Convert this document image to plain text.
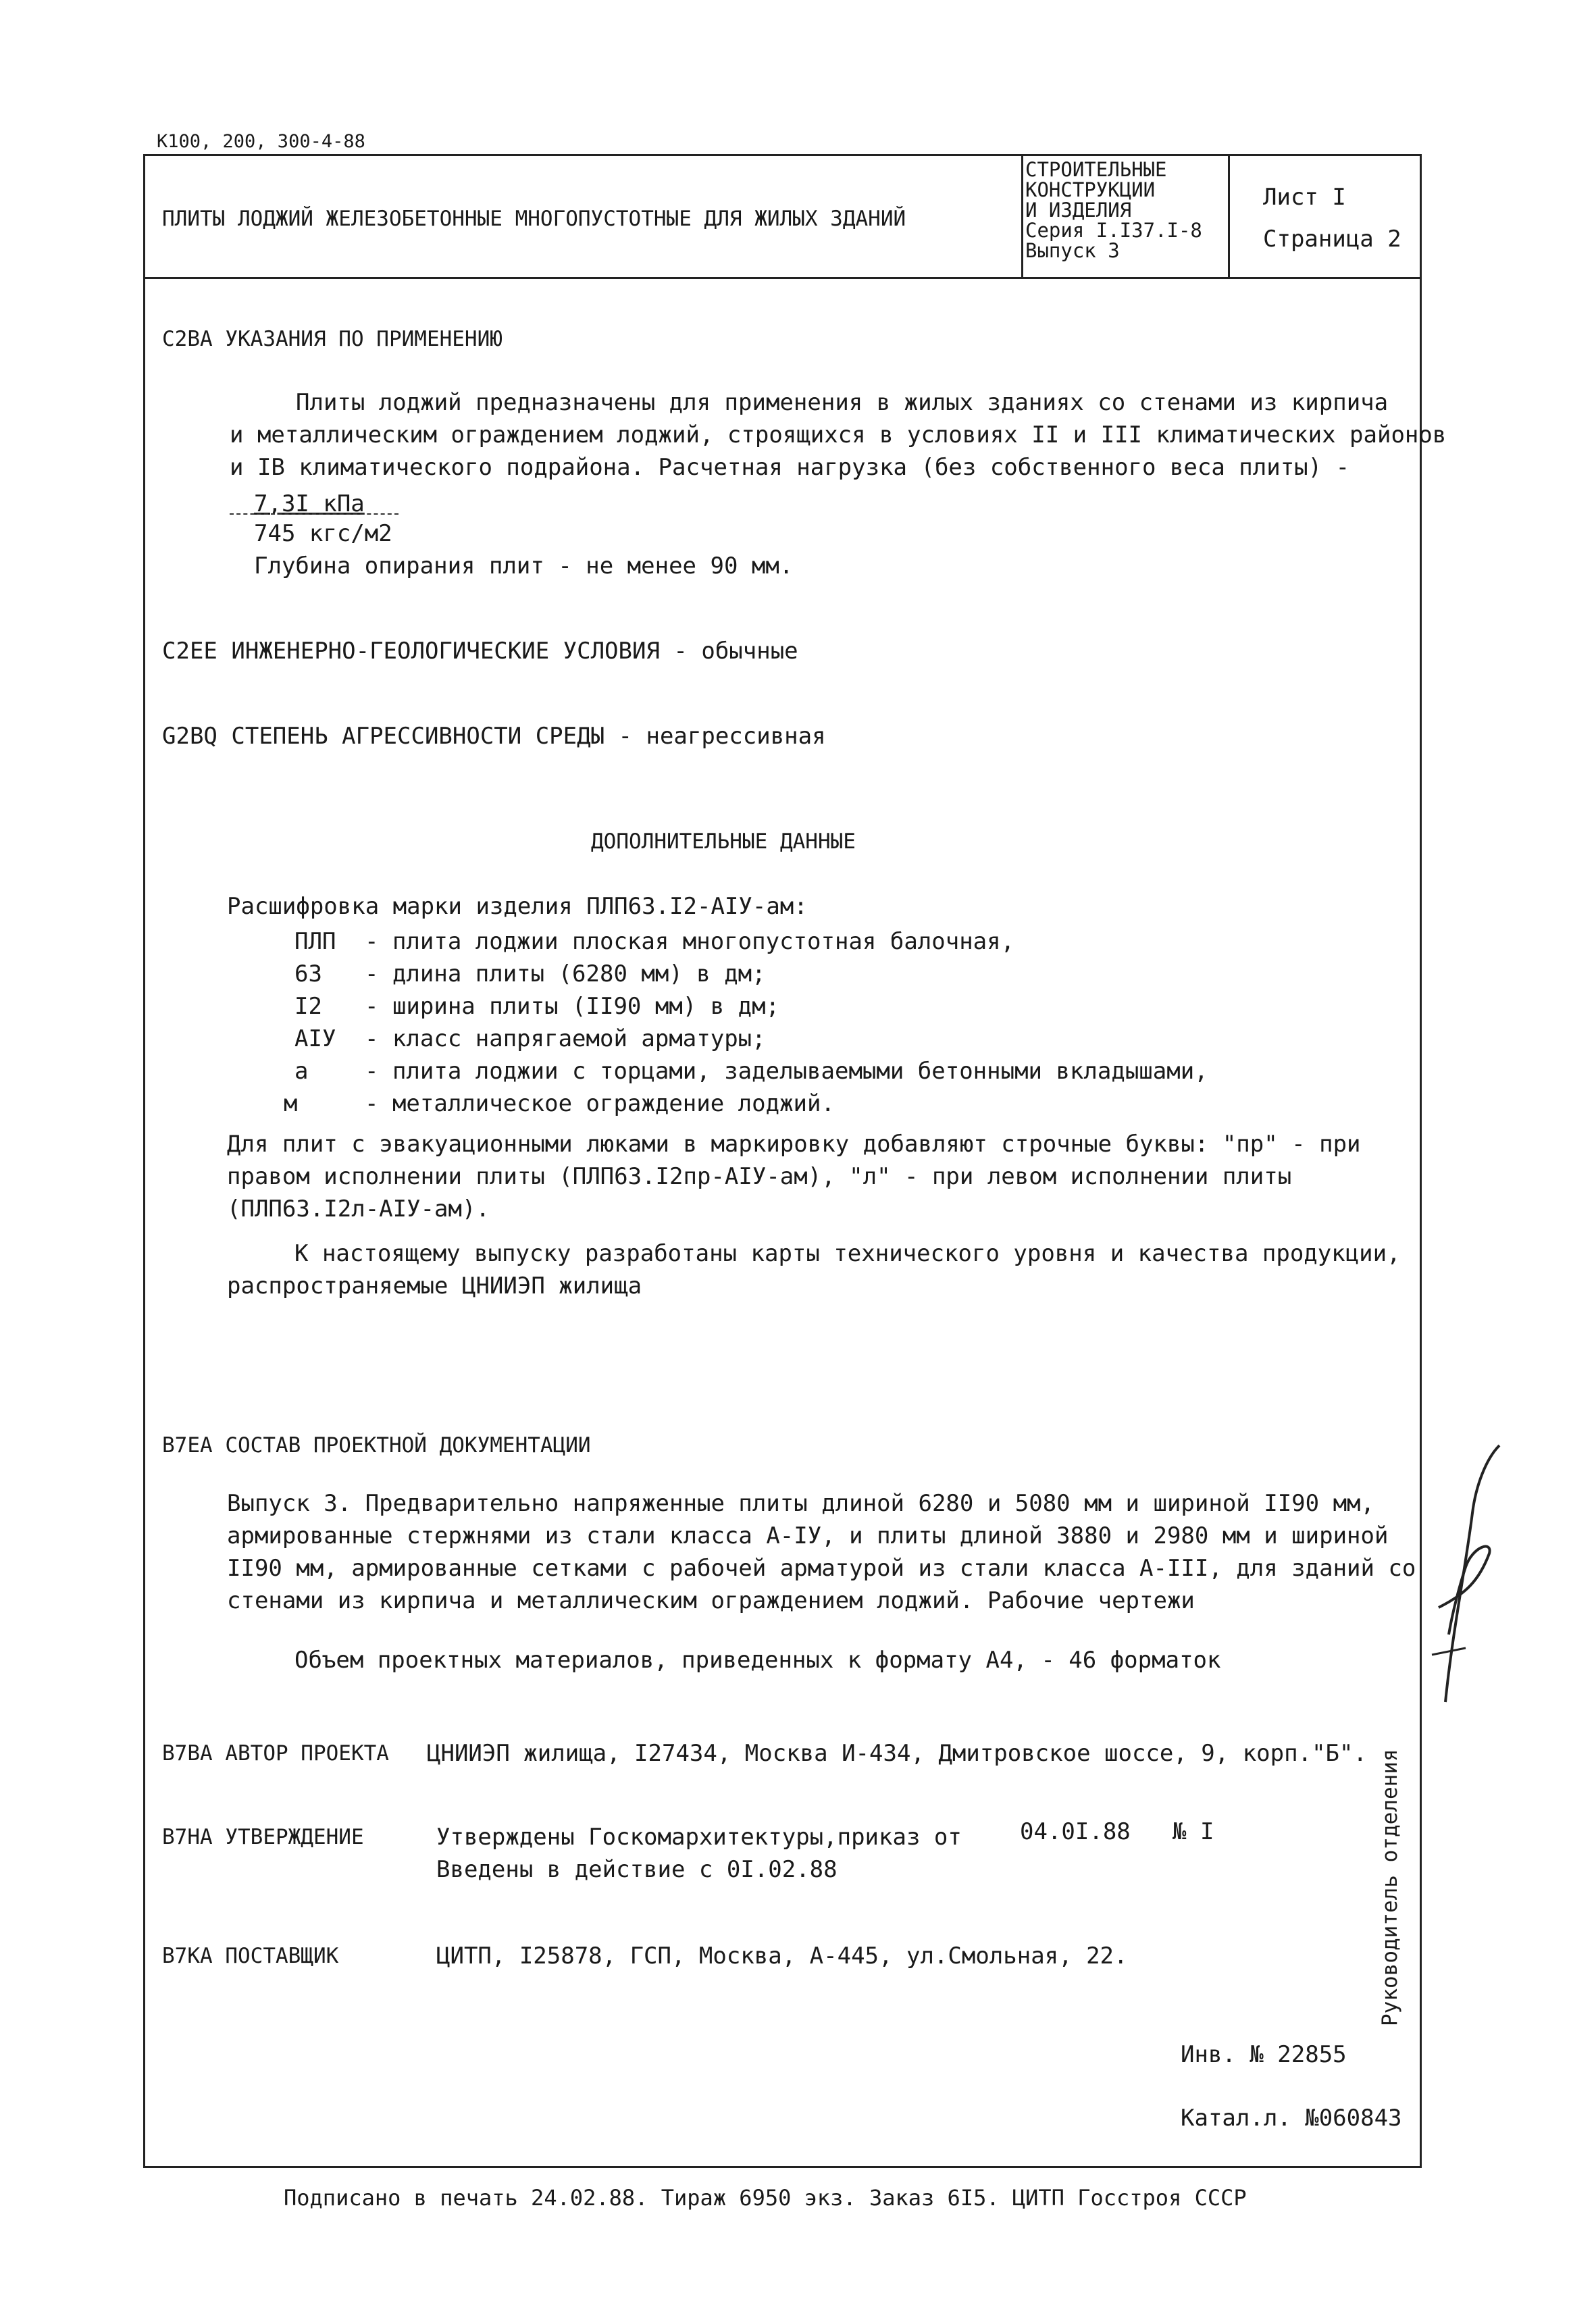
К100, 200, 300-4-88
ПЛИТЫ ЛОДЖИЙ ЖЕЛЕЗОБЕТОННЫЕ МНОГОПУСТОТНЫЕ ДЛЯ ЖИЛЫХ ЗДАНИЙ
СТРОИТЕЛЬНЫЕ
КОНСТРУКЦИИ
И ИЗДЕЛИЯ
Серия I.I37.I-8
Выпуск 3
Лист I
Страница 2
С2ВА УКАЗАНИЯ ПО ПРИМЕНЕНИЮ
Плиты лоджий предназначены для применения в жилых зданиях со стенами из кирпича
и металлическим ограждением лоджий, строящихся в условиях II и III климатических районов
и IВ климатического подрайона. Расчетная нагрузка (без собственного веса плиты) -
7,3I кПа
745 кгс/м2
Глубина опирания плит - не менее 90 мм.
С2ЕЕ ИНЖЕНЕРНО-ГЕОЛОГИЧЕСКИЕ УСЛОВИЯ - обычные
G2BQ СТЕПЕНЬ АГРЕССИВНОСТИ СРЕДЫ - неагрессивная
ДОПОЛНИТЕЛЬНЫЕ ДАННЫЕ
Расшифровка марки изделия ПЛП63.I2-АIУ-ам:
ПЛП - плита лоджии плоская многопустотная балочная,
63 - длина плиты (6280 мм) в дм;
I2 - ширина плиты (II90 мм) в дм;
АIУ - класс напрягаемой арматуры;
а - плита лоджии с торцами, заделываемыми бетонными вкладышами,
м	- металлическое ограждение лоджий.
Для плит с эвакуационными люками в маркировку добавляют строчные буквы: "пр" - при
правом исполнении плиты (ПЛП63.I2пр-АIУ-ам), "л" - при левом исполнении плиты
(ПЛП63.I2л-АIУ-ам).
К настоящему выпуску разработаны карты технического уровня и качества продукции,
распространяемые ЦНИИЭП жилища
В7ЕА СОСТАВ ПРОЕКТНОЙ ДОКУМЕНТАЦИИ
Выпуск 3. Предварительно напряженные плиты длиной 6280 и 5080 мм и шириной II90 мм,
армированные стержнями из стали класса А-IУ, и плиты длиной 3880 и 2980 мм и шириной
II90 мм, армированные сетками с рабочей арматурой из стали класса А-III, для зданий со
стенами из кирпича и металлическим ограждением лоджий. Рабочие чертежи
Объем проектных материалов, приведенных к формату А4, - 46 форматок
В7ВА АВТОР ПРОЕКТА ЦНИИЭП жилища, I27434, Москва И-434, Дмитровское шоссе, 9, корп."Б".
В7НА УТВЕРЖДЕНИЕ	Утверждены Госкомархитектуры,приказ от	04.0I.88 № I
Введены в действие с 0I.02.88
В7КА ПОСТАВЩИК	ЦИТП, I25878, ГСП, Москва, А-445, ул.Смольная, 22.
Инв. № 22855
Катал.л. №060843
Руководитель отделения
Подписано в печать 24.02.88. Тираж 6950 экз. Заказ 6I5. ЦИТП Госстроя СССР
